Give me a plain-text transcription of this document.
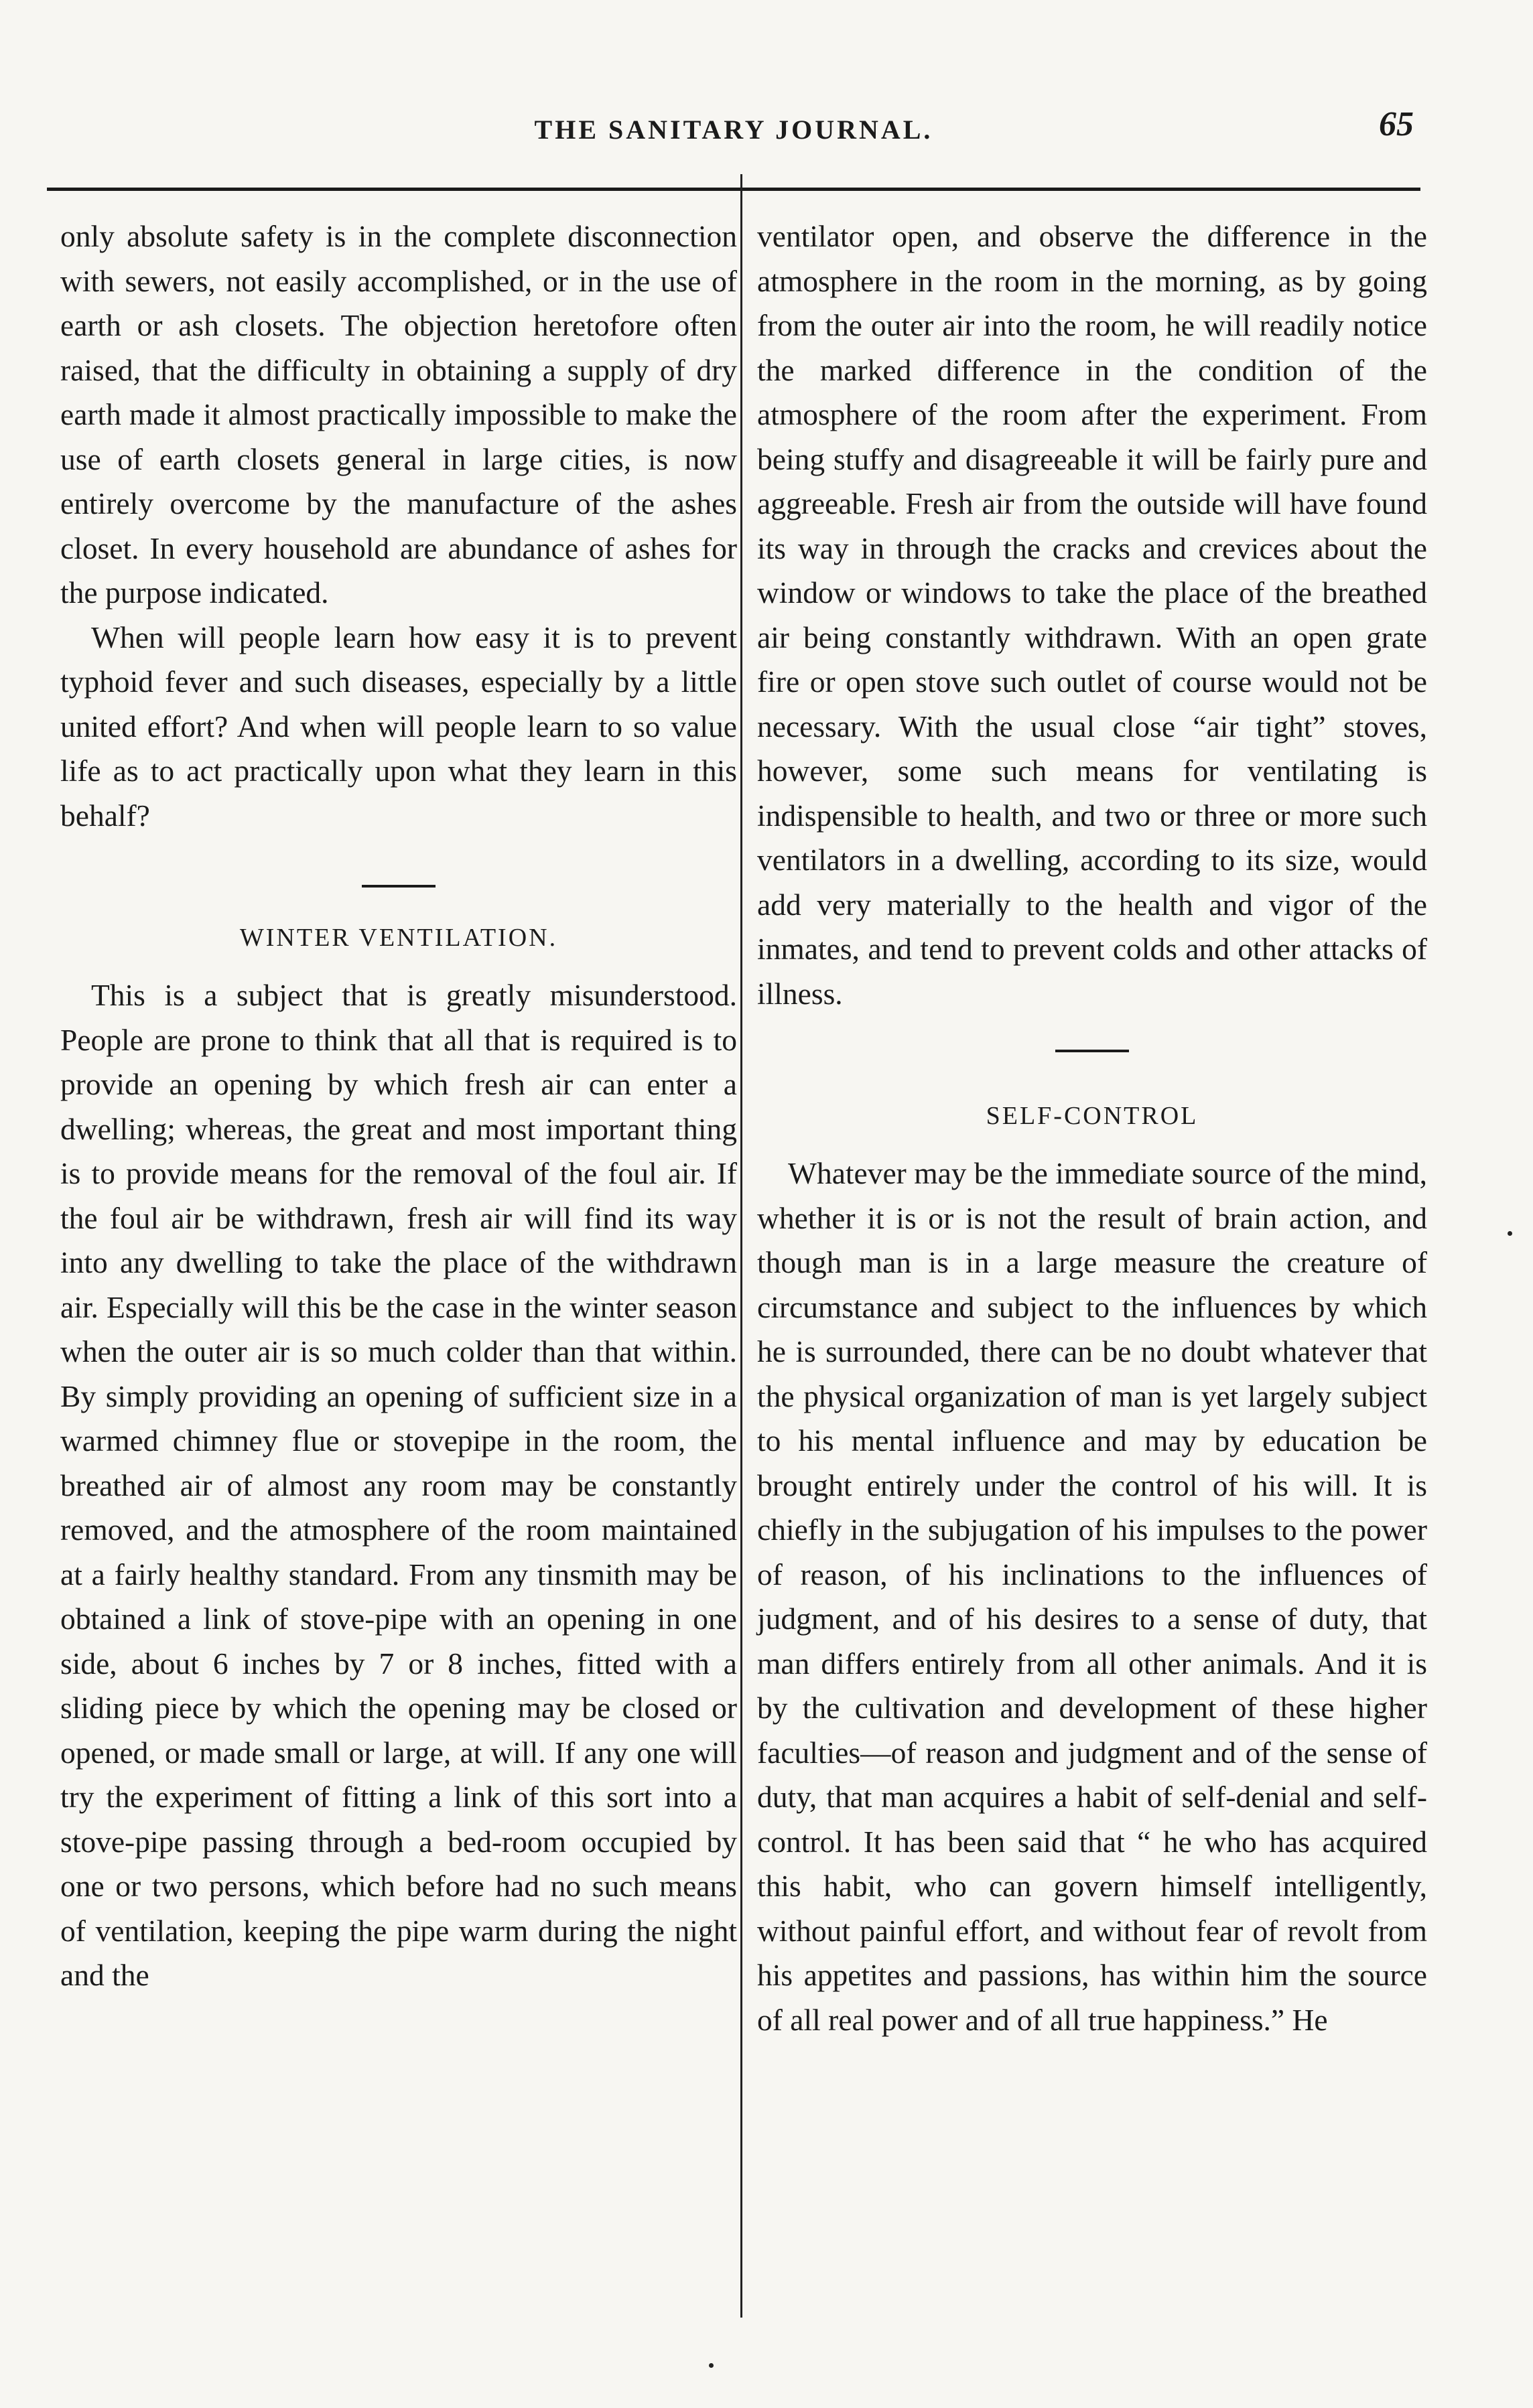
THE SANITARY JOURNAL.	65

only absolute safety is in the complete disconnection with sewers, not easily accomplished, or in the use of earth or ash closets. The objection heretofore often raised, that the difficulty in obtaining a supply of dry earth made it almost practically impossible to make the use of earth closets general in large cities, is now entirely overcome by the manufacture of the ashes closet. In every household are abundance of ashes for the purpose indicated.

When will people learn how easy it is to prevent typhoid fever and such diseases, especially by a little united effort? And when will people learn to so value life as to act practically upon what they learn in this behalf?

WINTER VENTILATION.

This is a subject that is greatly misunderstood. People are prone to think that all that is required is to provide an opening by which fresh air can enter a dwelling; whereas, the great and most important thing is to provide means for the removal of the foul air. If the foul air be withdrawn, fresh air will find its way into any dwelling to take the place of the withdrawn air. Especially will this be the case in the winter season when the outer air is so much colder than that within. By simply providing an opening of sufficient size in a warmed chimney flue or stovepipe in the room, the breathed air of almost any room may be constantly removed, and the atmosphere of the room maintained at a fairly healthy standard. From any tinsmith may be obtained a link of stove-pipe with an opening in one side, about 6 inches by 7 or 8 inches, fitted with a sliding piece by which the opening may be closed or opened, or made small or large, at will. If any one will try the experiment of fitting a link of this sort into a stove-pipe passing through a bed-room occupied by one or two persons, which before had no such means of ventilation, keeping the pipe warm during the night and the

ventilator open, and observe the difference in the atmosphere in the room in the morning, as by going from the outer air into the room, he will readily notice the marked difference in the condition of the atmosphere of the room after the experiment. From being stuffy and disagreeable it will be fairly pure and aggreeable. Fresh air from the outside will have found its way in through the cracks and crevices about the window or windows to take the place of the breathed air being constantly withdrawn. With an open grate fire or open stove such outlet of course would not be necessary. With the usual close “air tight” stoves, however, some such means for ventilating is indispensible to health, and two or three or more such ventilators in a dwelling, according to its size, would add very materially to the health and vigor of the inmates, and tend to prevent colds and other attacks of illness.

SELF-CONTROL

Whatever may be the immediate source of the mind, whether it is or is not the result of brain action, and though man is in a large measure the creature of circumstance and subject to the influences by which he is surrounded, there can be no doubt whatever that the physical organization of man is yet largely subject to his mental influence and may by education be brought entirely under the control of his will. It is chiefly in the subjugation of his impulses to the power of reason, of his inclinations to the influences of judgment, and of his desires to a sense of duty, that man differs entirely from all other animals. And it is by the cultivation and development of these higher faculties—of reason and judgment and of the sense of duty, that man acquires a habit of self-denial and self-control. It has been said that “ he who has acquired this habit, who can govern himself intelligently, without painful effort, and without fear of revolt from his appetites and passions, has within him the source of all real power and of all true happiness.” He
